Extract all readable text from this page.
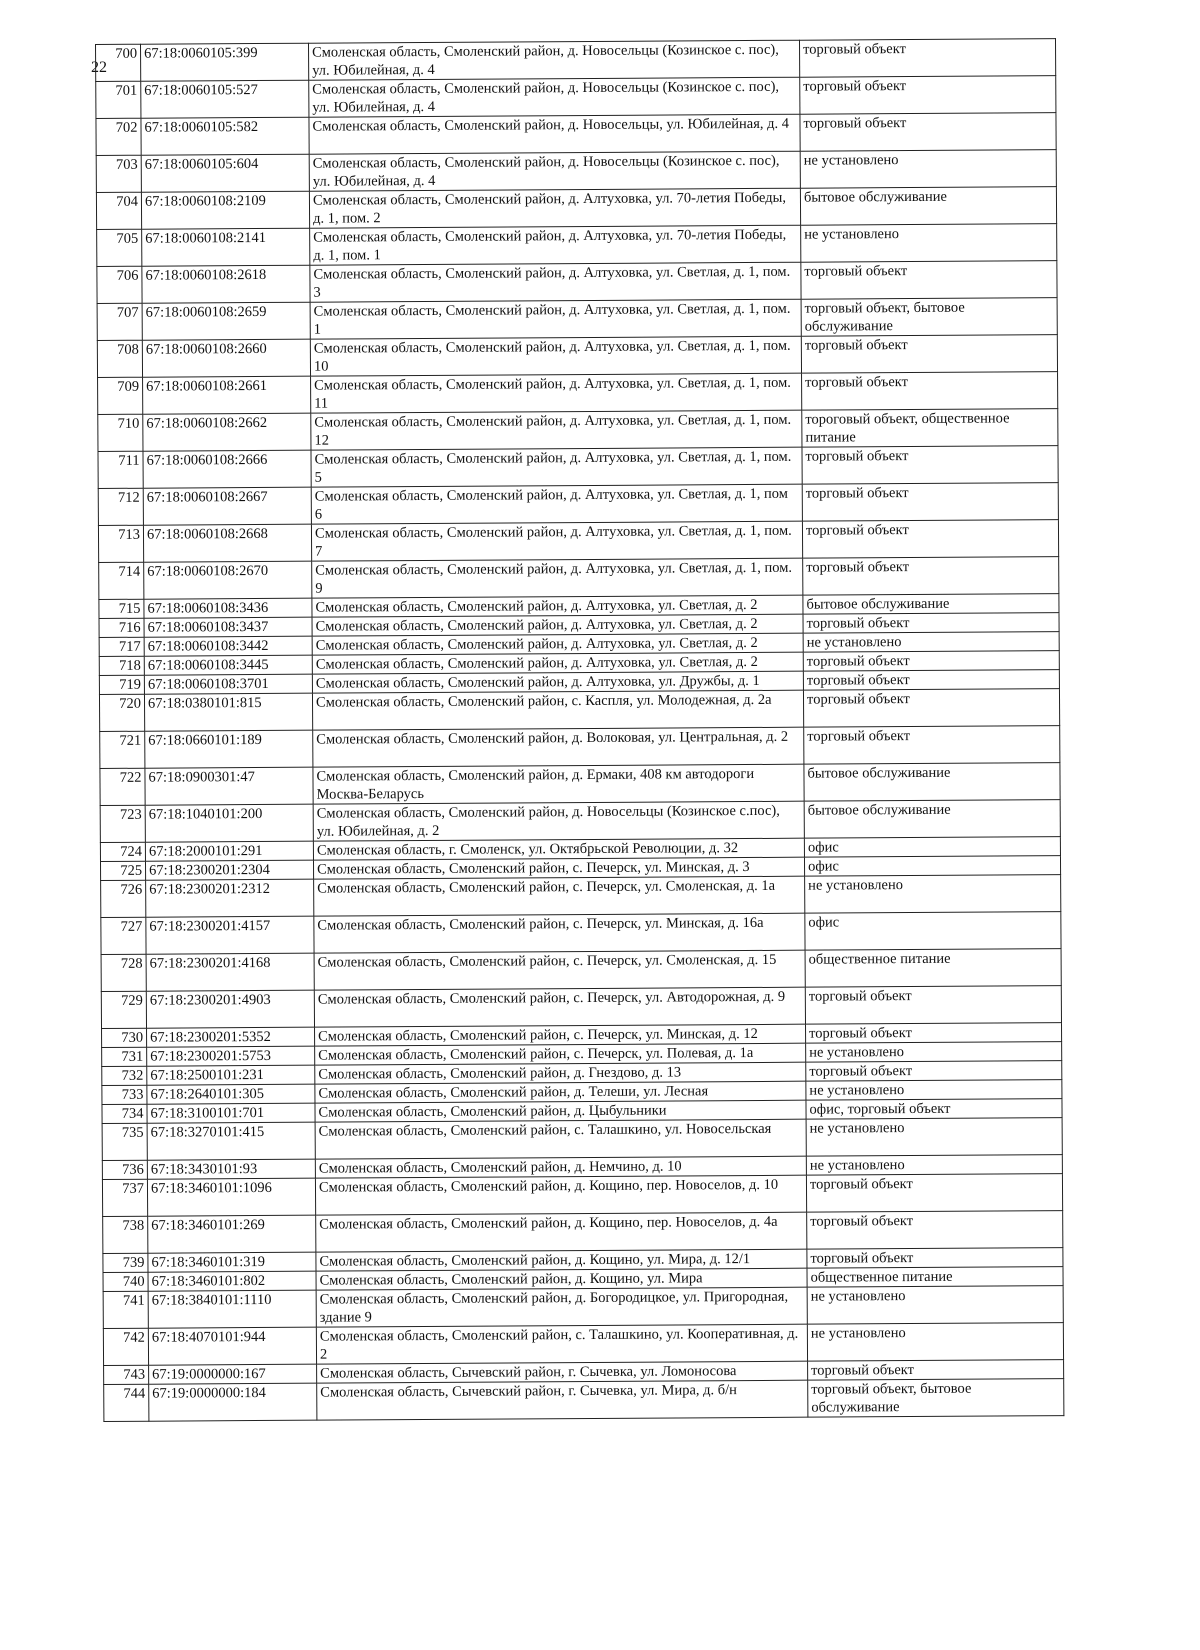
22
700	67:18:0060105:399	Смоленская область, Смоленский район, д. Новосельцы (Козинское с. пос), ул. Юбилейная, д. 4	торговый объект
701	67:18:0060105:527	Смоленская область, Смоленский район, д. Новосельцы (Козинское с. пос), ул. Юбилейная, д. 4	торговый объект
702	67:18:0060105:582	Смоленская область, Смоленский район, д. Новосельцы, ул. Юбилейная, д. 4	торговый объект
703	67:18:0060105:604	Смоленская область, Смоленский район, д. Новосельцы (Козинское с. пос), ул. Юбилейная, д. 4	не установлено
704	67:18:0060108:2109	Смоленская область, Смоленский район, д. Алтуховка, ул. 70-летия Победы, д. 1, пом. 2	бытовое обслуживание
705	67:18:0060108:2141	Смоленская область, Смоленский район, д. Алтуховка, ул. 70-летия Победы, д. 1, пом. 1	не установлено
706	67:18:0060108:2618	Смоленская область, Смоленский район, д. Алтуховка, ул. Светлая, д. 1, пом. 3	торговый объект
707	67:18:0060108:2659	Смоленская область, Смоленский район, д. Алтуховка, ул. Светлая, д. 1, пом. 1	торговый объект, бытовое обслуживание
708	67:18:0060108:2660	Смоленская область, Смоленский район, д. Алтуховка, ул. Светлая, д. 1, пом. 10	торговый объект
709	67:18:0060108:2661	Смоленская область, Смоленский район, д. Алтуховка, ул. Светлая, д. 1, пом. 11	торговый объект
710	67:18:0060108:2662	Смоленская область, Смоленский район, д. Алтуховка, ул. Светлая, д. 1, пом. 12	тороговый объект, общественное питание
711	67:18:0060108:2666	Смоленская область, Смоленский район, д. Алтуховка, ул. Светлая, д. 1, пом. 5	торговый объект
712	67:18:0060108:2667	Смоленская область, Смоленский район, д. Алтуховка, ул. Светлая, д. 1, пом 6	торговый объект
713	67:18:0060108:2668	Смоленская область, Смоленский район, д. Алтуховка, ул. Светлая, д. 1, пом. 7	торговый объект
714	67:18:0060108:2670	Смоленская область, Смоленский район, д. Алтуховка, ул. Светлая, д. 1, пом. 9	торговый объект
715	67:18:0060108:3436	Смоленская область, Смоленский район, д. Алтуховка, ул. Светлая, д. 2	бытовое обслуживание
716	67:18:0060108:3437	Смоленская область, Смоленский район, д. Алтуховка, ул. Светлая, д. 2	торговый объект
717	67:18:0060108:3442	Смоленская область, Смоленский район, д. Алтуховка, ул. Светлая, д. 2	не установлено
718	67:18:0060108:3445	Смоленская область, Смоленский район, д. Алтуховка, ул. Светлая, д. 2	торговый объект
719	67:18:0060108:3701	Смоленская область, Смоленский район, д. Алтуховка, ул. Дружбы, д. 1	торговый объект
720	67:18:0380101:815	Смоленская область, Смоленский район, с. Каспля, ул. Молодежная, д. 2а	торговый объект
721	67:18:0660101:189	Смоленская область, Смоленский район, д. Волоковая, ул. Центральная, д. 2	торговый объект
722	67:18:0900301:47	Смоленская область, Смоленский район, д. Ермаки, 408 км автодороги Москва-Беларусь	бытовое обслуживание
723	67:18:1040101:200	Смоленская область, Смоленский район, д. Новосельцы (Козинское с.пос), ул. Юбилейная, д. 2	бытовое обслуживание
724	67:18:2000101:291	Смоленская область, г. Смоленск, ул. Октябрьской Революции, д. 32	офис
725	67:18:2300201:2304	Смоленская область, Смоленский район, с. Печерск, ул. Минская, д. 3	офис
726	67:18:2300201:2312	Смоленская область, Смоленский район, с. Печерск, ул. Смоленская, д. 1а	не установлено
727	67:18:2300201:4157	Смоленская область, Смоленский район, с. Печерск, ул. Минская, д. 16а	офис
728	67:18:2300201:4168	Смоленская область, Смоленский район, с. Печерск, ул. Смоленская, д. 15	общественное питание
729	67:18:2300201:4903	Смоленская область, Смоленский район, с. Печерск, ул. Автодорожная, д. 9	торговый объект
730	67:18:2300201:5352	Смоленская область, Смоленский район, с. Печерск, ул. Минская, д. 12	торговый объект
731	67:18:2300201:5753	Смоленская область, Смоленский район, с. Печерск, ул. Полевая, д. 1а	не установлено
732	67:18:2500101:231	Смоленская область, Смоленский район, д. Гнездово, д. 13	торговый объект
733	67:18:2640101:305	Смоленская область, Смоленский район, д. Телеши, ул. Лесная	не установлено
734	67:18:3100101:701	Смоленская область, Смоленский район, д. Цыбульники	офис, торговый объект
735	67:18:3270101:415	Смоленская область, Смоленский район, с. Талашкино, ул. Новосельская	не установлено
736	67:18:3430101:93	Смоленская область, Смоленский район, д. Немчино, д. 10	не установлено
737	67:18:3460101:1096	Смоленская область, Смоленский район, д. Кощино, пер. Новоселов, д. 10	торговый объект
738	67:18:3460101:269	Смоленская область, Смоленский район, д. Кощино, пер. Новоселов, д. 4а	торговый объект
739	67:18:3460101:319	Смоленская область, Смоленский район, д. Кощино, ул. Мира, д. 12/1	торговый объект
740	67:18:3460101:802	Смоленская область, Смоленский район, д. Кощино, ул. Мира	общественное питание
741	67:18:3840101:1110	Смоленская область, Смоленский район, д. Богородицкое, ул. Пригородная, здание 9	не установлено
742	67:18:4070101:944	Смоленская область, Смоленский район, с. Талашкино, ул. Кооперативная, д. 2	не установлено
743	67:19:0000000:167	Смоленская область, Сычевский район, г. Сычевка, ул. Ломоносова	торговый объект
744	67:19:0000000:184	Смоленская область, Сычевский район, г. Сычевка, ул. Мира, д. б/н	торговый объект, бытовое обслуживание
